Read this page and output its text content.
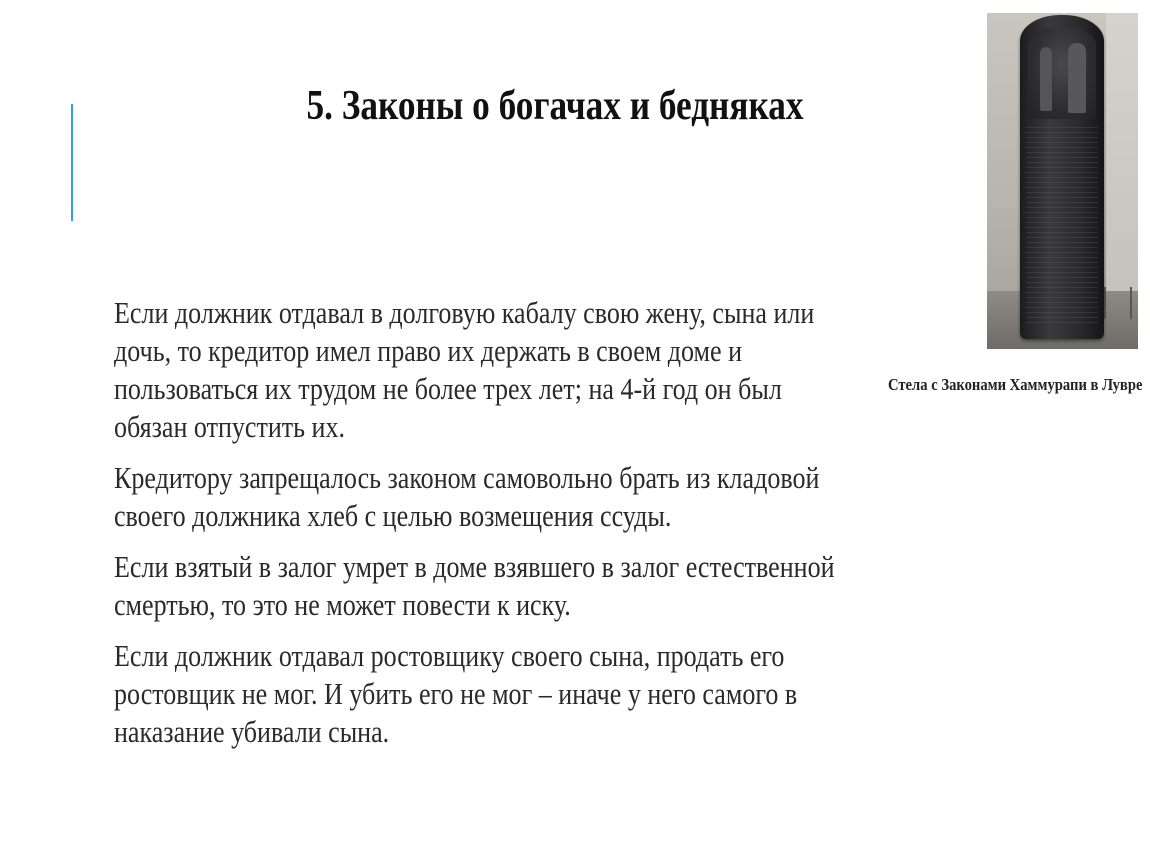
5. Законы о богачах и бедняках

Если должник отдавал в долговую кабалу свою жену, сына или дочь, то кредитор имел право их держать в своем доме и пользоваться их трудом не более трех лет; на 4-й год он был обязан отпустить их.

Кредитору запрещалось законом самовольно брать из кладовой своего должника хлеб с целью возмещения ссуды.

Если взятый в залог умрет в доме взявшего в залог естественной смертью, то это не может повести к иску.

Если должник отдавал ростовщику своего сына, продать его ростовщик не мог. И убить его не мог – иначе у него самого в наказание убивали сына.

Стела с Законами Хаммурапи в Лувре
